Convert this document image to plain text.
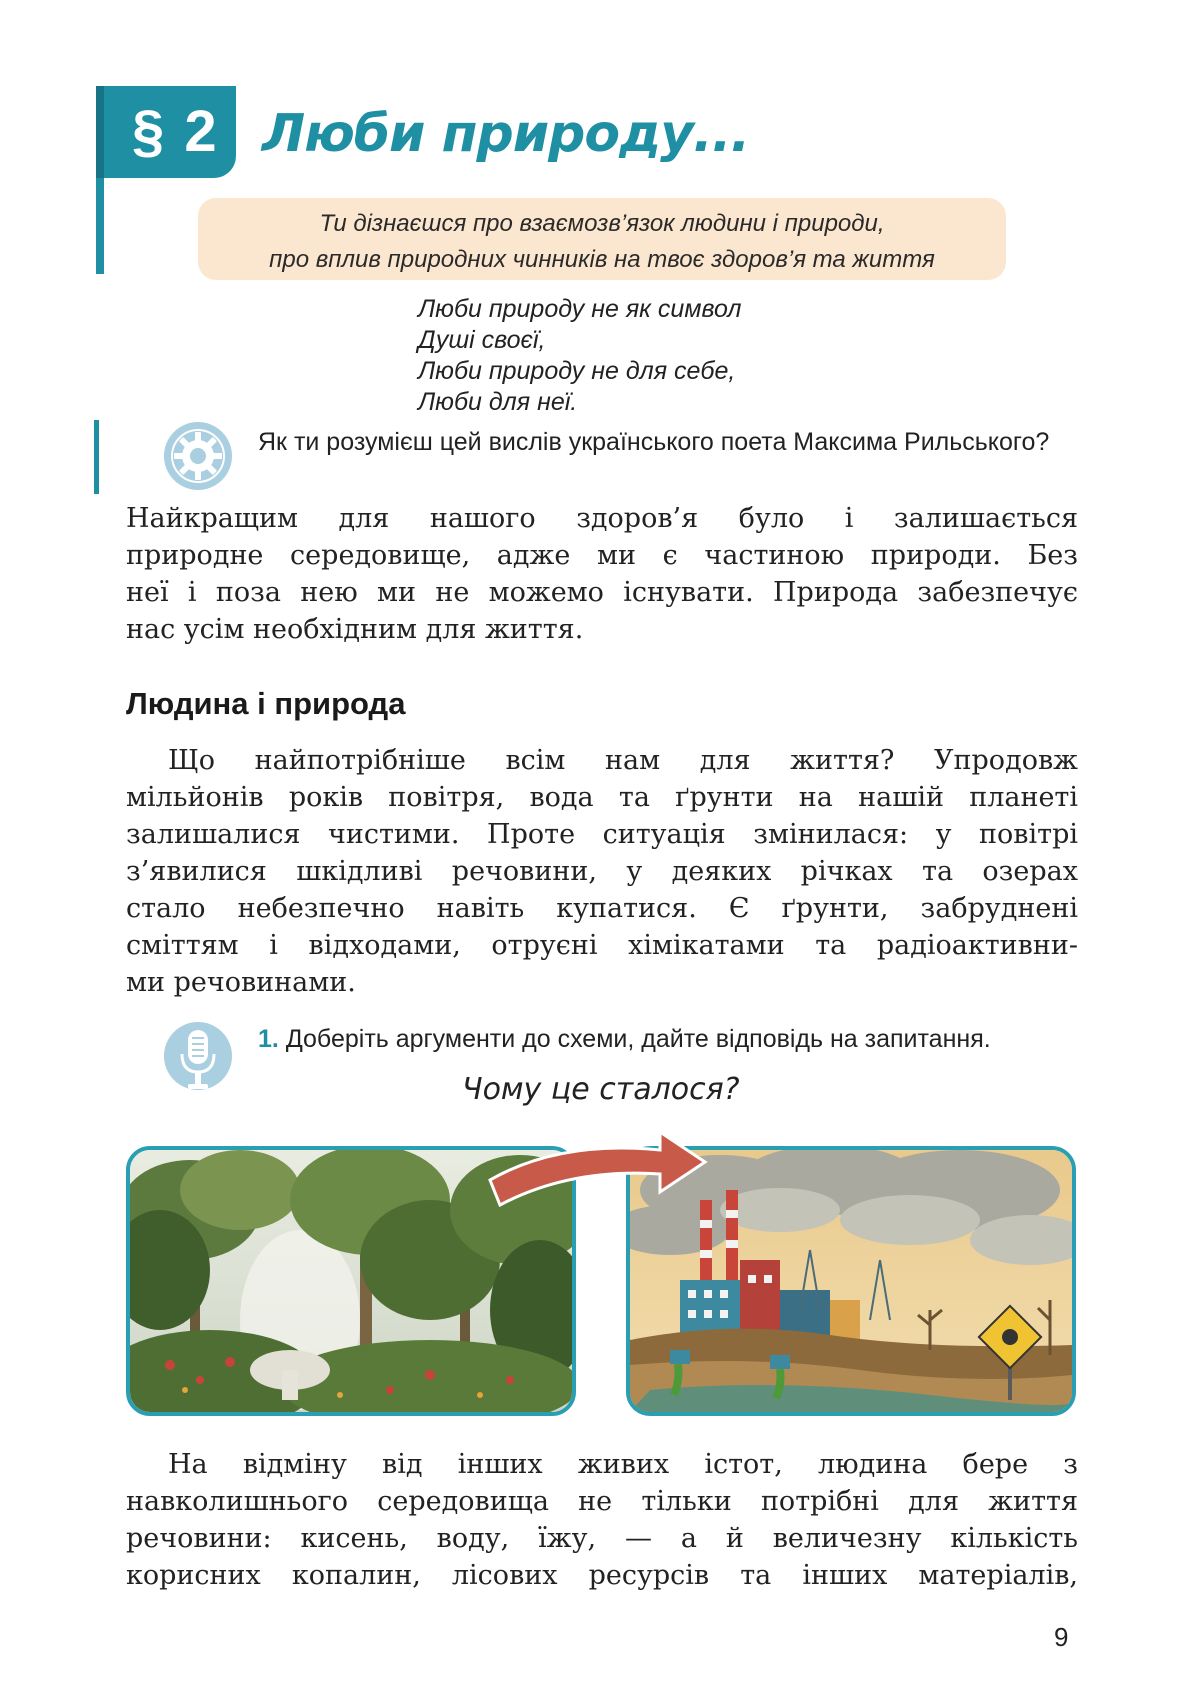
§ 2 Люби природу...
Ти дізнаєшся про взаємозв’язок людини і природи,
про вплив природних чинників на твоє здоров’я та життя
Люби природу не як символ
Душі своєї,
Люби природу не для себе,
Люби для неї.
Як ти розумієш цей вислів українського поета Максима Рильського?
Найкращим для нашого здоров’я було і залишається
природне середовище, адже ми є частиною природи. Без
неї і поза нею ми не можемо існувати. Природа забезпечує
нас усім необхідним для життя.
Людина і природа
Що найпотрібніше всім нам для життя? Упродовж
мільйонів років повітря, вода та ґрунти на нашій планеті
залишалися чистими. Проте ситуація змінилася: у повітрі
з’явилися шкідливі речовини, у деяких річках та озерах
стало небезпечно навіть купатися. Є ґрунти, забруднені
сміттям і відходами, отруєні хімікатами та радіоактивни-
ми речовинами.
1. Доберіть аргументи до схеми, дайте відповідь на запитання.
Чому це сталося?
На відміну від інших живих істот, людина бере з
навколишнього середовища не тільки потрібні для життя
речовини: кисень, воду, їжу, — а й величезну кількість
корисних копалин, лісових ресурсів та інших матеріалів,
9
